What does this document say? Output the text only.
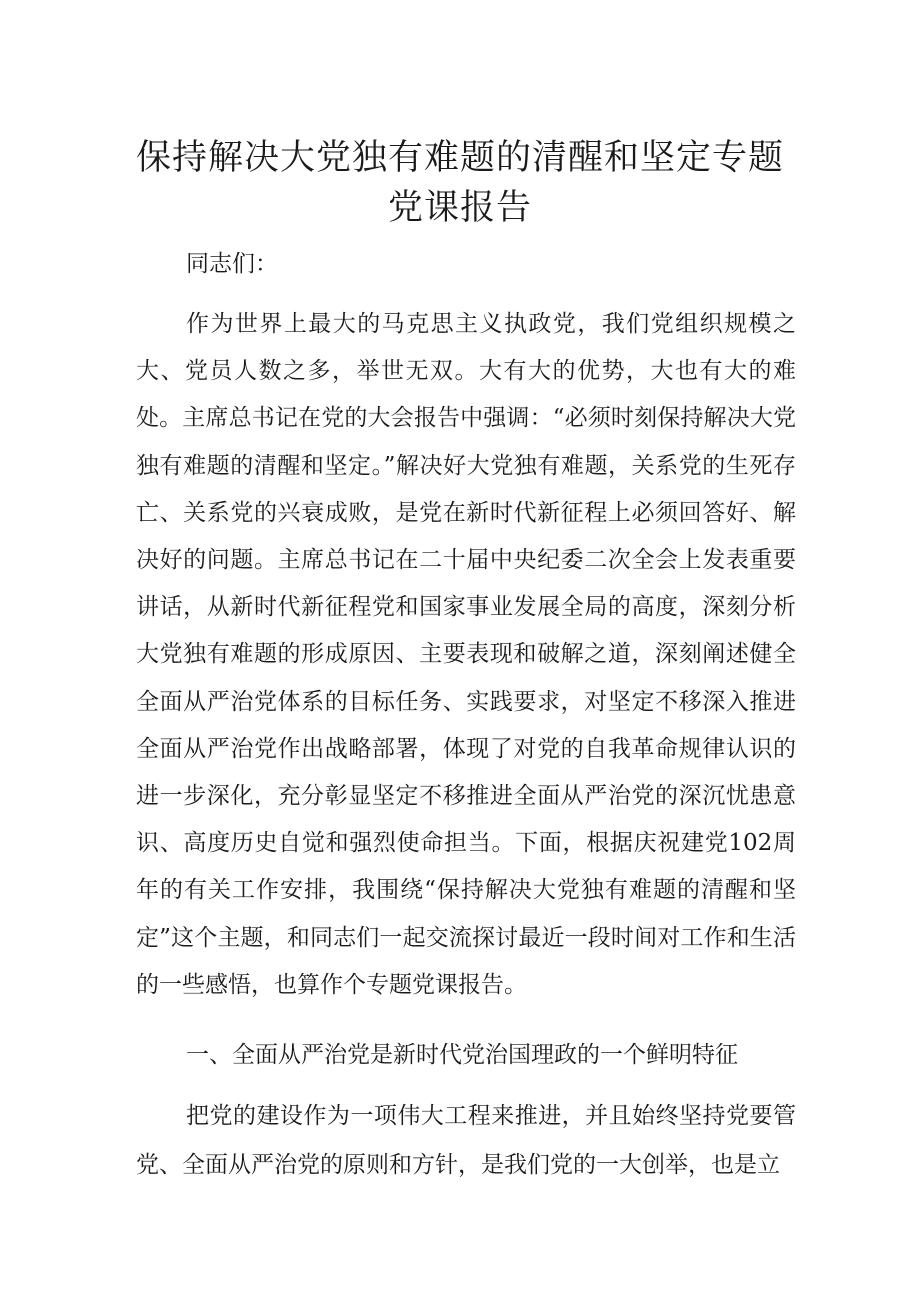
保持解决大党独有难题的清醒和坚定专题
党课报告

同志们：

作为世界上最大的马克思主义执政党，我们党组织规模之大、党员人数之多，举世无双。大有大的优势，大也有大的难处。主席总书记在党的大会报告中强调：“必须时刻保持解决大党独有难题的清醒和坚定。”解决好大党独有难题，关系党的生死存亡、关系党的兴衰成败，是党在新时代新征程上必须回答好、解决好的问题。主席总书记在二十届中央纪委二次全会上发表重要讲话，从新时代新征程党和国家事业发展全局的高度，深刻分析大党独有难题的形成原因、主要表现和破解之道，深刻阐述健全全面从严治党体系的目标任务、实践要求，对坚定不移深入推进全面从严治党作出战略部署，体现了对党的自我革命规律认识的进一步深化，充分彰显坚定不移推进全面从严治党的深沉忧患意识、高度历史自觉和强烈使命担当。下面，根据庆祝建党102周年的有关工作安排，我围绕“保持解决大党独有难题的清醒和坚定”这个主题，和同志们一起交流探讨最近一段时间对工作和生活的一些感悟，也算作个专题党课报告。

一、全面从严治党是新时代党治国理政的一个鲜明特征

把党的建设作为一项伟大工程来推进，并且始终坚持党要管党、全面从严治党的原则和方针，是我们党的一大创举，也是立
